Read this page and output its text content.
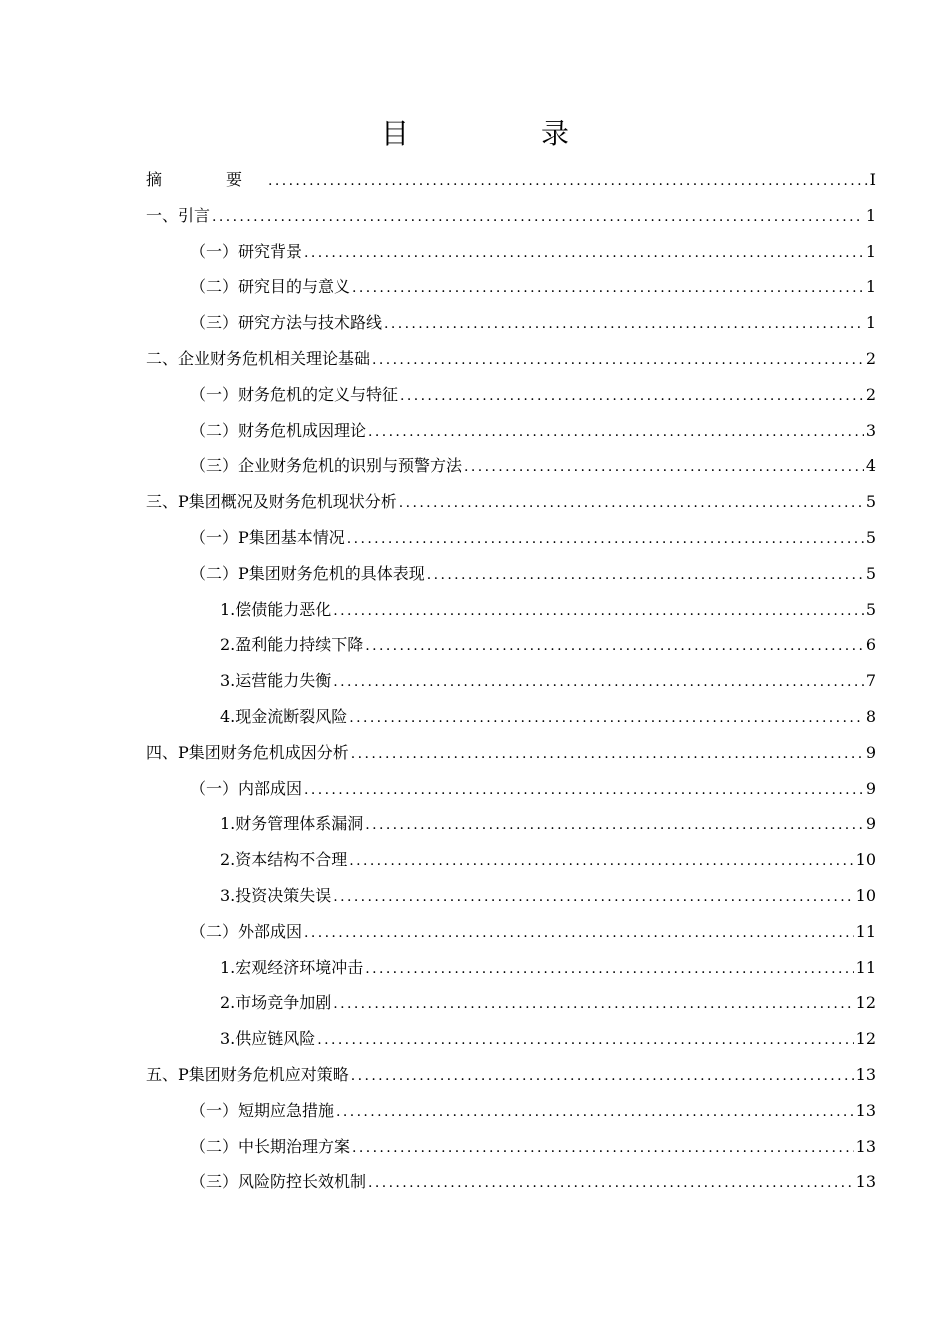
目　录
摘　要 .....	I
一、引言 .....	1
（一）研究背景 .....	1
（二）研究目的与意义 .....	1
（三）研究方法与技术路线 .....	1
二、企业财务危机相关理论基础 .....	2
（一）财务危机的定义与特征 .....	2
（二）财务危机成因理论 .....	3
（三）企业财务危机的识别与预警方法 .....	4
三、P集团概况及财务危机现状分析 .....	5
（一）P集团基本情况 .....	5
（二）P集团财务危机的具体表现 .....	5
1.偿债能力恶化 .....	5
2.盈利能力持续下降 .....	6
3.运营能力失衡 .....	7
4.现金流断裂风险 .....	8
四、P集团财务危机成因分析 .....	9
（一）内部成因 .....	9
1.财务管理体系漏洞 .....	9
2.资本结构不合理 .....	10
3.投资决策失误 .....	10
（二）外部成因 .....	11
1.宏观经济环境冲击 .....	11
2.市场竞争加剧 .....	12
3.供应链风险 .....	12
五、P集团财务危机应对策略 .....	13
（一）短期应急措施 .....	13
（二）中长期治理方案 .....	13
（三）风险防控长效机制 .....	13
